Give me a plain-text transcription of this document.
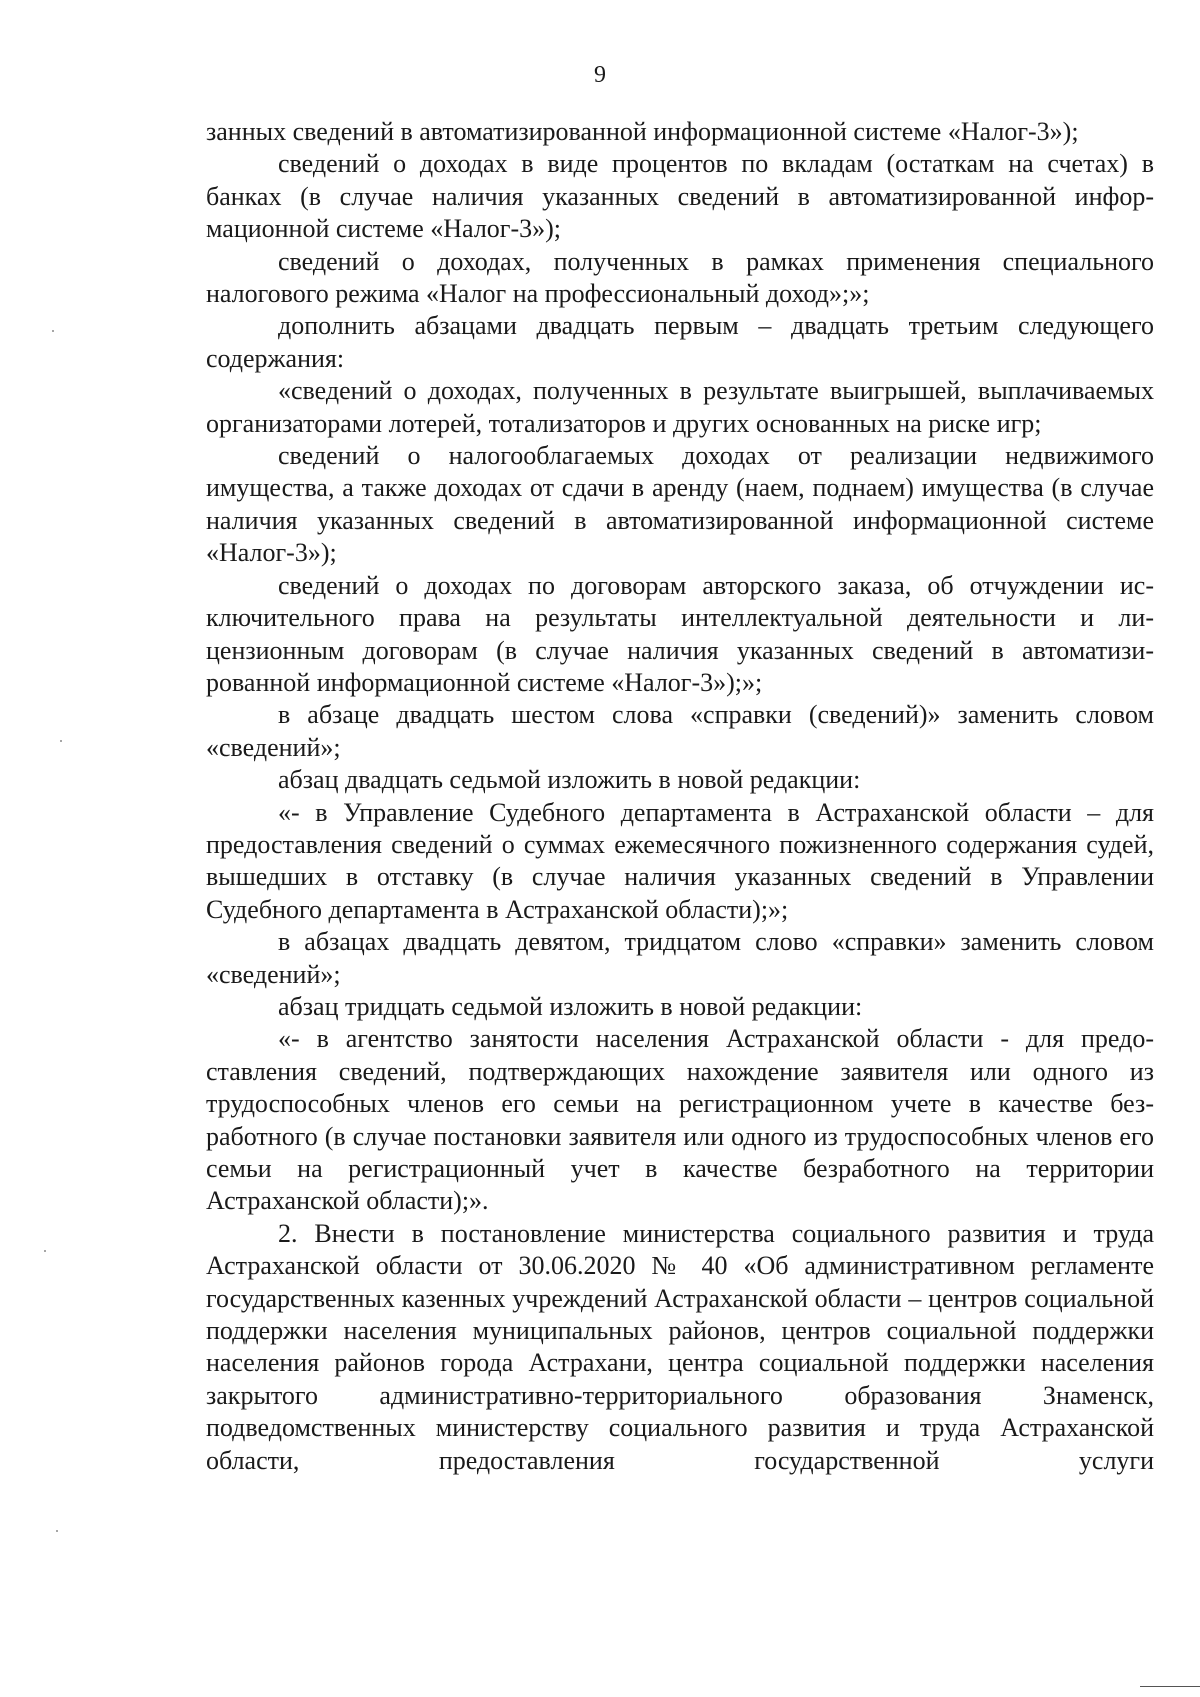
9

занных сведений в автоматизированной информационной системе «Налог-3»);

сведений о доходах в виде процентов по вкладам (остаткам на счетах) в банках (в случае наличия указанных сведений в автоматизированной информационной системе «Налог-3»);

сведений о доходах, полученных в рамках применения специального налогового режима «Налог на профессиональный доход»;»;

дополнить абзацами двадцать первым – двадцать третьим следующего содержания:

«сведений о доходах, полученных в результате выигрышей, выплачиваемых организаторами лотерей, тотализаторов и других основанных на риске игр;

сведений о налогооблагаемых доходах от реализации недвижимого имущества, а также доходах от сдачи в аренду (наем, поднаем) имущества (в случае наличия указанных сведений в автоматизированной информационной системе «Налог-3»);

сведений о доходах по договорам авторского заказа, об отчуждении исключительного права на результаты интеллектуальной деятельности и лицензионным договорам (в случае наличия указанных сведений в автоматизированной информационной системе «Налог-3»);»;

в абзаце двадцать шестом слова «справки (сведений)» заменить словом «сведений»;

абзац двадцать седьмой изложить в новой редакции:

«- в Управление Судебного департамента в Астраханской области – для предоставления сведений о суммах ежемесячного пожизненного содержания судей, вышедших в отставку (в случае наличия указанных сведений в Управлении Судебного департамента в Астраханской области);»;

в абзацах двадцать девятом, тридцатом слово «справки» заменить словом «сведений»;

абзац тридцать седьмой изложить в новой редакции:

«- в агентство занятости населения Астраханской области - для предоставления сведений, подтверждающих нахождение заявителя или одного из трудоспособных членов его семьи на регистрационном учете в качестве безработного (в случае постановки заявителя или одного из трудоспособных членов его семьи на регистрационный учет в качестве безработного на территории Астраханской области);».

2. Внести в постановление министерства социального развития и труда Астраханской области от 30.06.2020 № 40 «Об административном регламенте государственных казенных учреждений Астраханской области – центров социальной поддержки населения муниципальных районов, центров социальной поддержки населения районов города Астрахани, центра социальной поддержки населения закрытого административно-территориального образования Знаменск, подведомственных министерству социального развития и труда Астраханской области, предоставления государственной услуги
